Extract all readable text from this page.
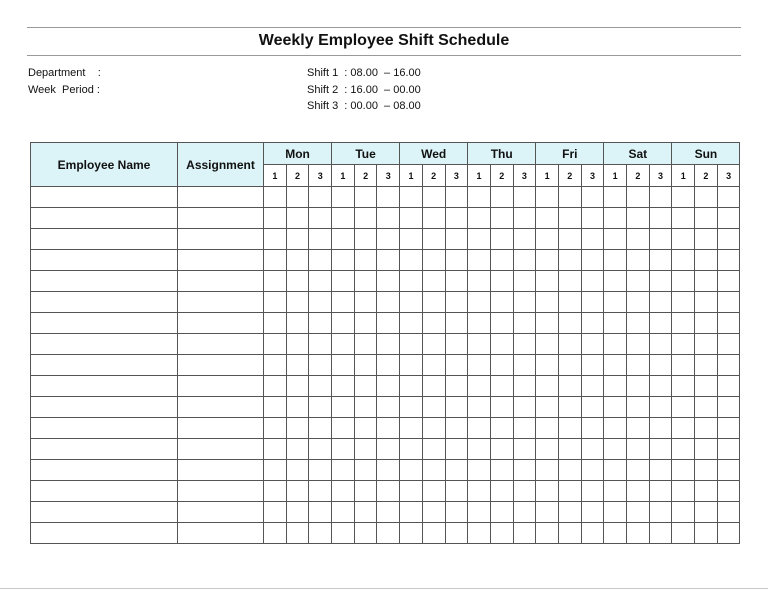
Weekly Employee Shift Schedule
Department    :
Week  Period :
Shift 1  : 08.00  – 16.00
Shift 2  : 16.00  – 00.00
Shift 3  : 00.00  – 08.00
Employee Name	Assignment	Mon			Tue			Wed			Thu			Fri			Sat			Sun		
		1	2	3	1	2	3	1	2	3	1	2	3	1	2	3	1	2	3	1	2	3
